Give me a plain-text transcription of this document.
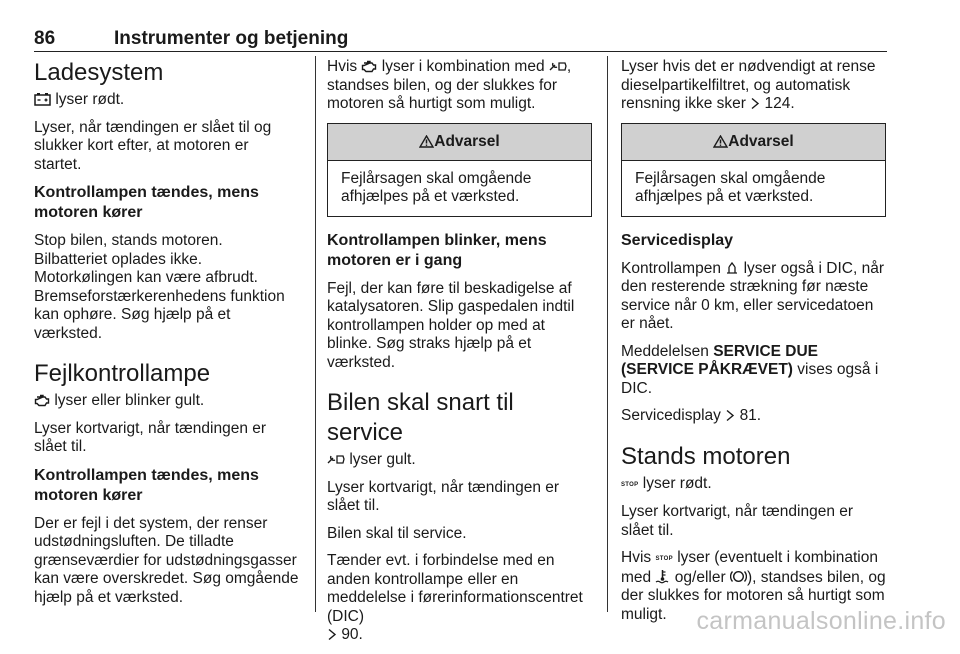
86	Instrumenter og betjening
Ladesystem

lyser rødt.

Lyser, når tændingen er slået til og slukker kort efter, at motoren er startet.

Kontrollampen tændes, mens motoren kører

Stop bilen, stands motoren. Bilbatteriet oplades ikke. Motorkølingen kan være afbrudt. Bremseforstærkerenhedens funktion kan ophøre. Søg hjælp på et værksted.

Fejlkontrollampe

lyser eller blinker gult.

Lyser kortvarigt, når tændingen er slået til.

Kontrollampen tændes, mens motoren kører

Der er fejl i det system, der renser udstødningsluften. De tilladte grænseværdier for udstødningsgasser kan være overskredet. Søg omgående hjælp på et værksted.

Hvis lyser i kombination med , standses bilen, og der slukkes for motoren så hurtigt som muligt.

Advarsel
Fejlårsagen skal omgående afhjælpes på et værksted.
Kontrollampen blinker, mens motoren er i gang

Fejl, der kan føre til beskadigelse af katalysatoren. Slip gaspedalen indtil kontrollampen holder op med at blinke. Søg straks hjælp på et værksted.

Bilen skal snart til service

lyser gult.

Lyser kortvarigt, når tændingen er slået til.

Bilen skal til service.

Tænder evt. i forbindelse med en anden kontrollampe eller en meddelelse i førerinformationscentret (DIC)
90.

Lyser hvis det er nødvendigt at rense dieselpartikelfiltret, og automatisk rensning ikke sker 124.

Advarsel
Fejlårsagen skal omgående afhjælpes på et værksted.
Servicedisplay

Kontrollampen lyser også i DIC, når den resterende strækning før næste service når 0 km, eller servicedatoen er nået.

Meddelelsen SERVICE DUE (SERVICE PÅKRÆVET) vises også i DIC.

Servicedisplay 81.

Stands motoren

STOP lyser rødt.

Lyser kortvarigt, når tændingen er slået til.

Hvis STOP lyser (eventuelt i kombination med og/eller ), standses bilen, og der slukkes for motoren så hurtigt som muligt.	carmanualsonline.info
